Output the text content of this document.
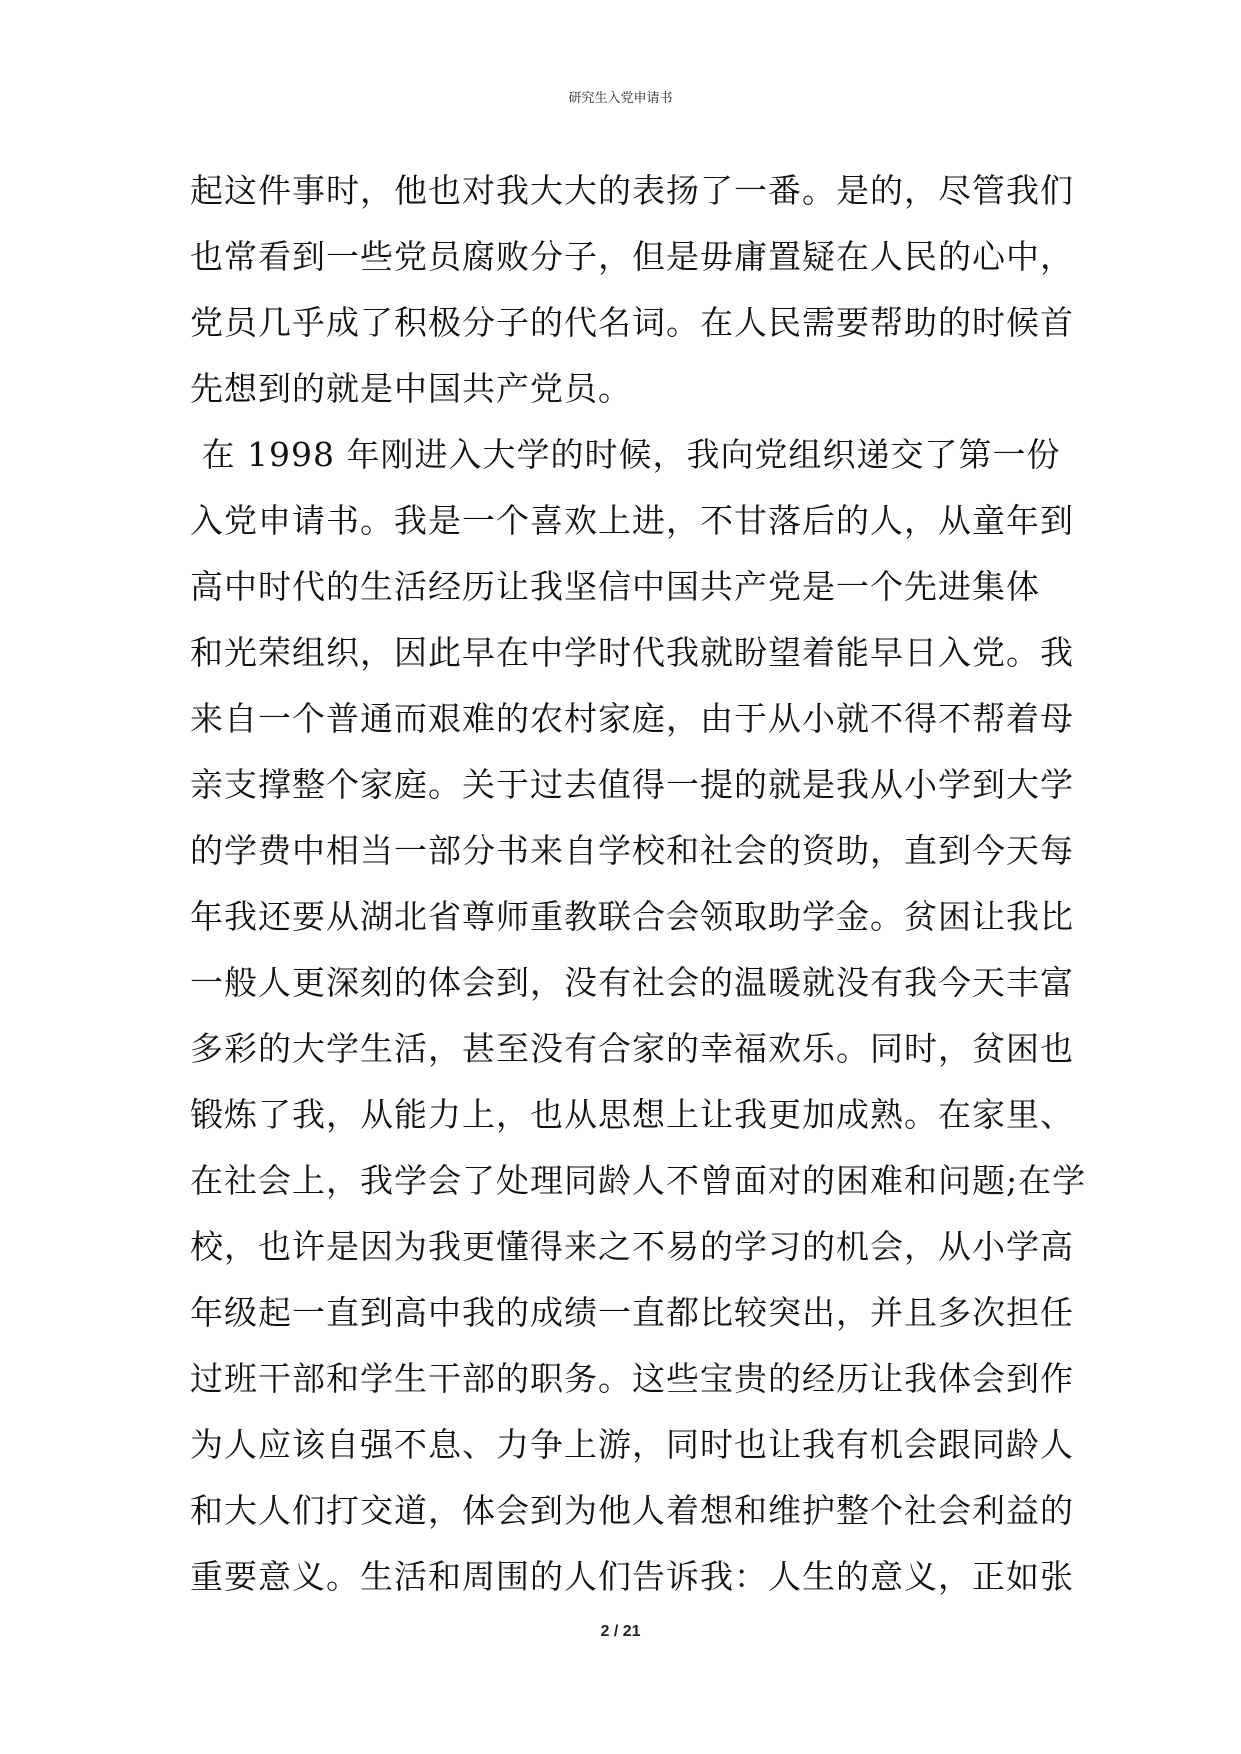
研究生入党申请书
起这件事时，他也对我大大的表扬了一番。是的，尽管我们
也常看到一些党员腐败分子，但是毋庸置疑在人民的心中，
党员几乎成了积极分子的代名词。在人民需要帮助的时候首
先想到的就是中国共产党员。
在 1998 年刚进入大学的时候，我向党组织递交了第一份
入党申请书。我是一个喜欢上进，不甘落后的人，从童年到
高中时代的生活经历让我坚信中国共产党是一个先进集体
和光荣组织，因此早在中学时代我就盼望着能早日入党。我
来自一个普通而艰难的农村家庭，由于从小就不得不帮着母
亲支撑整个家庭。关于过去值得一提的就是我从小学到大学
的学费中相当一部分书来自学校和社会的资助，直到今天每
年我还要从湖北省尊师重教联合会领取助学金。贫困让我比
一般人更深刻的体会到，没有社会的温暖就没有我今天丰富
多彩的大学生活，甚至没有合家的幸福欢乐。同时，贫困也
锻炼了我，从能力上，也从思想上让我更加成熟。在家里、
在社会上，我学会了处理同龄人不曾面对的困难和问题;在学
校，也许是因为我更懂得来之不易的学习的机会，从小学高
年级起一直到高中我的成绩一直都比较突出，并且多次担任
过班干部和学生干部的职务。这些宝贵的经历让我体会到作
为人应该自强不息、力争上游，同时也让我有机会跟同龄人
和大人们打交道，体会到为他人着想和维护整个社会利益的
重要意义。生活和周围的人们告诉我：人生的意义，正如张
2 / 21
